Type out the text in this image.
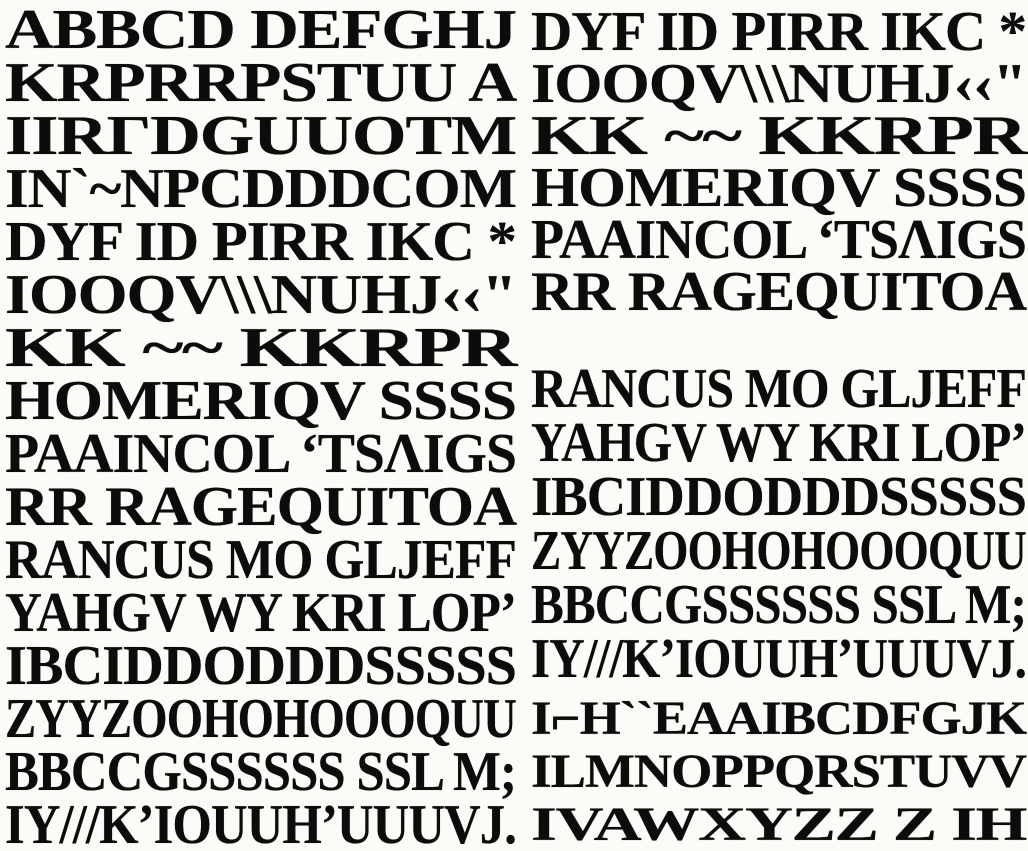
ABBCD DEFGHJ
KRPRRPSTUU A
IIRΓDGUUOTM
IN`~NPCDDDCOM
DYF ID PIRR IKC *
IOOQV\\\NUHJ‹‹"
KK ~~ KKRPR
HOMERIQV SSSS
PAAINCOL ‘TSΛIGS
RR RAGEQUITOA
RANCUS MO GLJEFF
YAHGV WY KRI LOP’
IBCIDDODDDSSSSS
ZYYZOOHOHOOOQUU
BBCCGSSSSSS SSL M;
IY///K’IOUUH’UUUVJ.
DYF ID PIRR IKC *
IOOQV\\\NUHJ‹‹"
KK ~~ KKRPR
HOMERIQV SSSS
PAAINCOL ‘TSΛIGS
RR RAGEQUITOA
RANCUS MO GLJEFF
YAHGV WY KRI LOP’
IBCIDDODDDSSSSS
ZYYZOOHOHOOOQUU
BBCCGSSSSSS SSL M;
IY///K’IOUUH’UUUVJ.
I⌐H``EAAIBCDFGJK
ILMNOPPQRSTUVV
IVAWXYZZ Z IH
